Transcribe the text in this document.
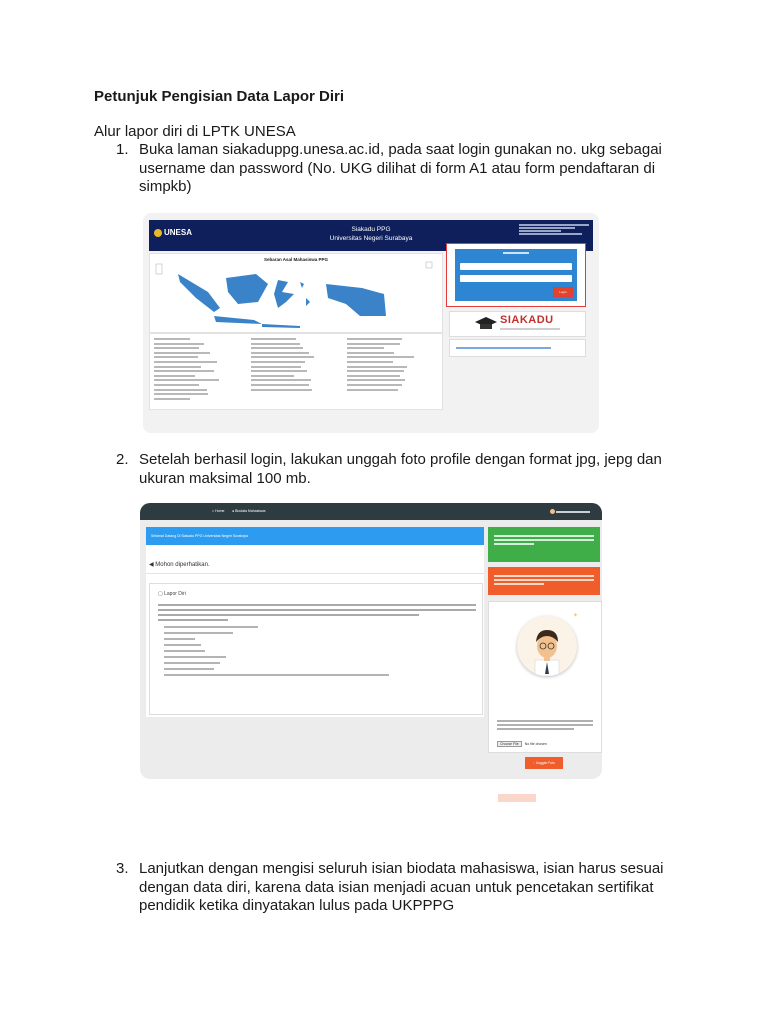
Petunjuk Pengisian Data Lapor Diri
Alur lapor diri di LPTK UNESA
1. Buka laman siakaduppg.unesa.ac.id, pada saat login gunakan no. ukg sebagai
username dan password (No. UKG dilihat di form A1 atau form pendaftaran di
simpkb)
UNESA	Siakadu PPG
Universitas Negeri Surabaya
Sebaran Asal Mahasiswa PPG
Login
SIAKADU
2. Setelah berhasil login, lakukan unggah foto profile dengan format jpg, jepg dan
ukuran maksimal 100 mb.
⌂ Home ● Biodata Mahasiswa

Selamat Datang Di Siakadu PPG Universitas Negeri Surabaya
◀ Mohon diperhatikan.
▢ Lapor Diri
✦
Choose File No file chosen
↑ Unggah Foto
3. Lanjutkan dengan mengisi seluruh isian biodata mahasiswa, isian harus sesuai
dengan data diri, karena data isian menjadi acuan untuk pencetakan sertifikat
pendidik ketika dinyatakan lulus pada UKPPPG
